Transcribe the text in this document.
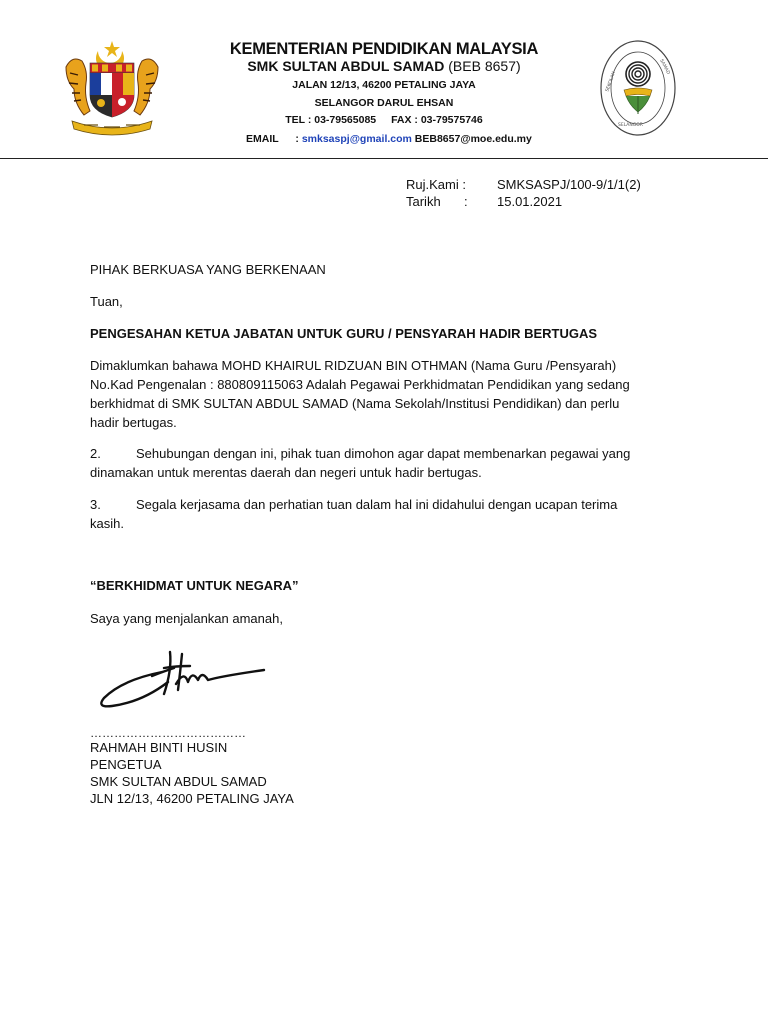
SEKOLAH
SAMAD
SELANGOR
KEMENTERIAN PENDIDIKAN MALAYSIA
SMK SULTAN ABDUL SAMAD (BEB 8657)
JALAN 12/13, 46200 PETALING JAYA
SELANGOR DARUL EHSAN
TEL : 03-79565085 FAX : 03-79575746
EMAIL : smksaspj@gmail.com BEB8657@moe.edu.my
Ruj.Kami : SMKSASPJ/100-9/1/1(2)
Tarikh : 15.01.2021
PIHAK BERKUASA YANG BERKENAAN
Tuan,
PENGESAHAN KETUA JABATAN UNTUK GURU / PENSYARAH HADIR BERTUGAS
Dimaklumkan bahawa MOHD KHAIRUL RIDZUAN BIN OTHMAN (Nama Guru /Pensyarah)
No.Kad Pengenalan : 880809115063 Adalah Pegawai Perkhidmatan Pendidikan yang sedang
berkhidmat di SMK SULTAN ABDUL SAMAD (Nama Sekolah/Institusi Pendidikan) dan perlu
hadir bertugas.
2.	Sehubungan dengan ini, pihak tuan dimohon agar dapat membenarkan pegawai yang
dinamakan untuk merentas daerah dan negeri untuk hadir bertugas.
3.	Segala kerjasama dan perhatian tuan dalam hal ini didahului dengan ucapan terima
kasih.
“BERKHIDMAT UNTUK NEGARA”
Saya yang menjalankan amanah,
…………………………………
RAHMAH BINTI HUSIN
PENGETUA
SMK SULTAN ABDUL SAMAD
JLN 12/13, 46200 PETALING JAYA
